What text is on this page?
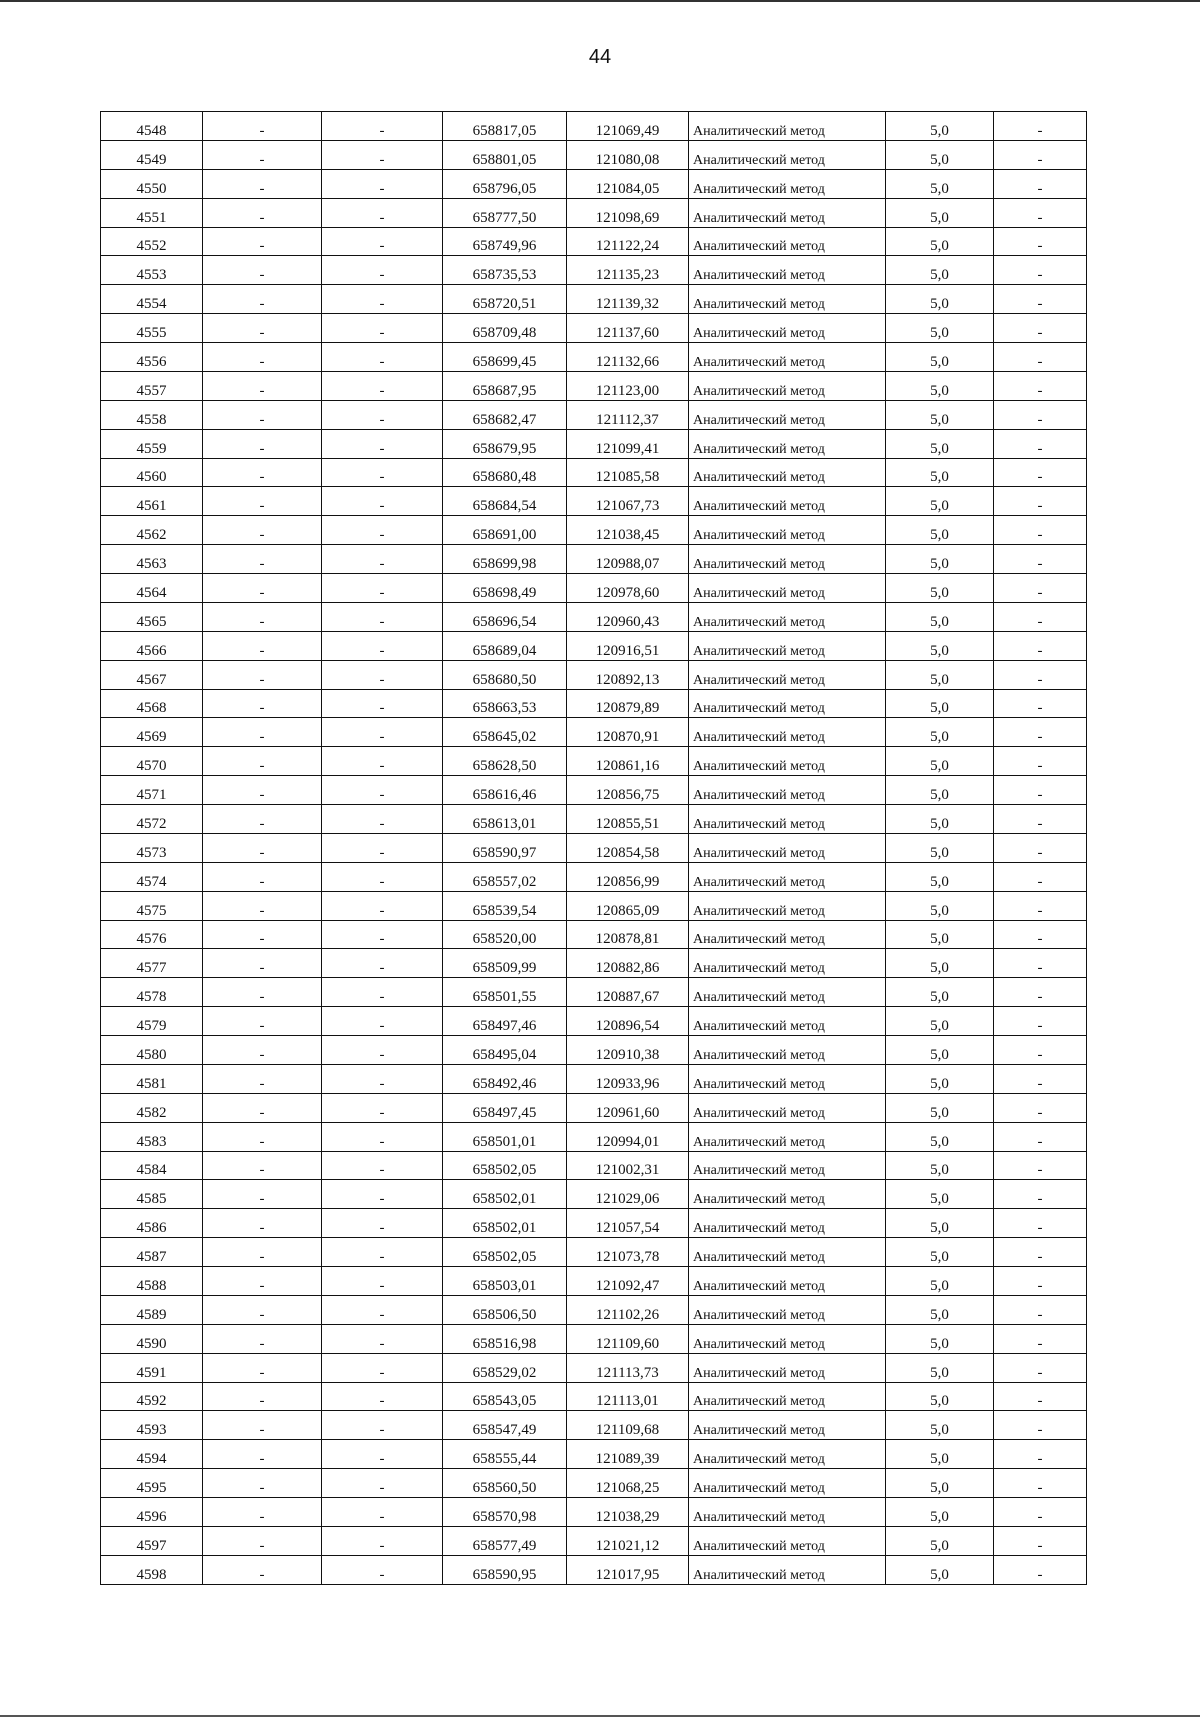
44
4548	-	-	658817,05	121069,49	Аналитический метод	5,0	-
4549	-	-	658801,05	121080,08	Аналитический метод	5,0	-
4550	-	-	658796,05	121084,05	Аналитический метод	5,0	-
4551	-	-	658777,50	121098,69	Аналитический метод	5,0	-
4552	-	-	658749,96	121122,24	Аналитический метод	5,0	-
4553	-	-	658735,53	121135,23	Аналитический метод	5,0	-
4554	-	-	658720,51	121139,32	Аналитический метод	5,0	-
4555	-	-	658709,48	121137,60	Аналитический метод	5,0	-
4556	-	-	658699,45	121132,66	Аналитический метод	5,0	-
4557	-	-	658687,95	121123,00	Аналитический метод	5,0	-
4558	-	-	658682,47	121112,37	Аналитический метод	5,0	-
4559	-	-	658679,95	121099,41	Аналитический метод	5,0	-
4560	-	-	658680,48	121085,58	Аналитический метод	5,0	-
4561	-	-	658684,54	121067,73	Аналитический метод	5,0	-
4562	-	-	658691,00	121038,45	Аналитический метод	5,0	-
4563	-	-	658699,98	120988,07	Аналитический метод	5,0	-
4564	-	-	658698,49	120978,60	Аналитический метод	5,0	-
4565	-	-	658696,54	120960,43	Аналитический метод	5,0	-
4566	-	-	658689,04	120916,51	Аналитический метод	5,0	-
4567	-	-	658680,50	120892,13	Аналитический метод	5,0	-
4568	-	-	658663,53	120879,89	Аналитический метод	5,0	-
4569	-	-	658645,02	120870,91	Аналитический метод	5,0	-
4570	-	-	658628,50	120861,16	Аналитический метод	5,0	-
4571	-	-	658616,46	120856,75	Аналитический метод	5,0	-
4572	-	-	658613,01	120855,51	Аналитический метод	5,0	-
4573	-	-	658590,97	120854,58	Аналитический метод	5,0	-
4574	-	-	658557,02	120856,99	Аналитический метод	5,0	-
4575	-	-	658539,54	120865,09	Аналитический метод	5,0	-
4576	-	-	658520,00	120878,81	Аналитический метод	5,0	-
4577	-	-	658509,99	120882,86	Аналитический метод	5,0	-
4578	-	-	658501,55	120887,67	Аналитический метод	5,0	-
4579	-	-	658497,46	120896,54	Аналитический метод	5,0	-
4580	-	-	658495,04	120910,38	Аналитический метод	5,0	-
4581	-	-	658492,46	120933,96	Аналитический метод	5,0	-
4582	-	-	658497,45	120961,60	Аналитический метод	5,0	-
4583	-	-	658501,01	120994,01	Аналитический метод	5,0	-
4584	-	-	658502,05	121002,31	Аналитический метод	5,0	-
4585	-	-	658502,01	121029,06	Аналитический метод	5,0	-
4586	-	-	658502,01	121057,54	Аналитический метод	5,0	-
4587	-	-	658502,05	121073,78	Аналитический метод	5,0	-
4588	-	-	658503,01	121092,47	Аналитический метод	5,0	-
4589	-	-	658506,50	121102,26	Аналитический метод	5,0	-
4590	-	-	658516,98	121109,60	Аналитический метод	5,0	-
4591	-	-	658529,02	121113,73	Аналитический метод	5,0	-
4592	-	-	658543,05	121113,01	Аналитический метод	5,0	-
4593	-	-	658547,49	121109,68	Аналитический метод	5,0	-
4594	-	-	658555,44	121089,39	Аналитический метод	5,0	-
4595	-	-	658560,50	121068,25	Аналитический метод	5,0	-
4596	-	-	658570,98	121038,29	Аналитический метод	5,0	-
4597	-	-	658577,49	121021,12	Аналитический метод	5,0	-
4598	-	-	658590,95	121017,95	Аналитический метод	5,0	-
